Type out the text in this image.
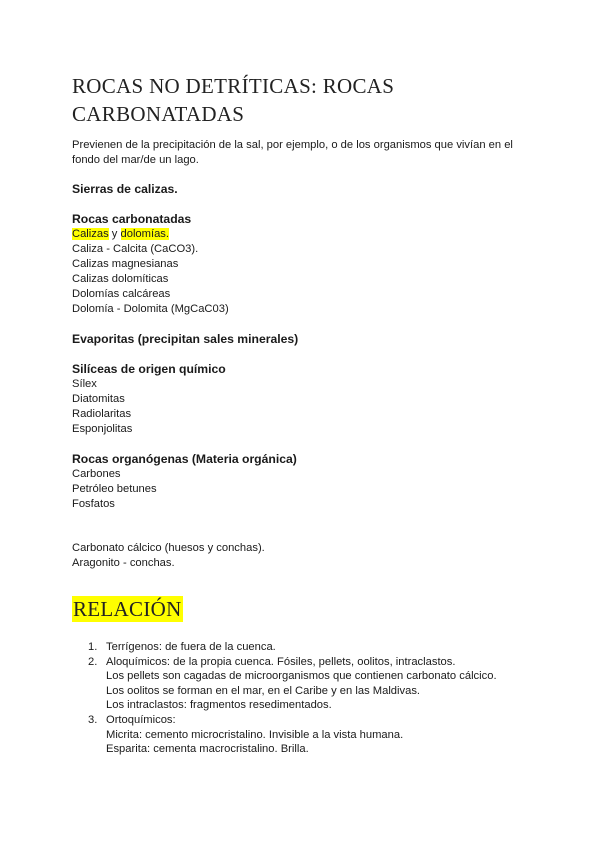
ROCAS NO DETRÍTICAS: ROCAS
CARBONATADAS
Previenen de la precipitación de la sal, por ejemplo, o de los organismos que vivían en el
fondo del mar/de un lago.
Sierras de calizas.
Rocas carbonatadas
Calizas y dolomías.
Caliza - Calcita (CaCO3).
Calizas magnesianas
Calizas dolomíticas
Dolomías calcáreas
Dolomía - Dolomita (MgCaC03)
Evaporitas (precipitan sales minerales)
Silíceas de origen químico
Sílex
Diatomitas
Radiolaritas
Esponjolitas
Rocas organógenas (Materia orgánica)
Carbones
Petróleo betunes
Fosfatos
Carbonato cálcico (huesos y conchas).
Aragonito - conchas.
RELACIÓN
1. Terrígenos: de fuera de la cuenca.
2. Aloquímicos: de la propia cuenca. Fósiles, pellets, oolitos, intraclastos.
Los pellets son cagadas de microorganismos que contienen carbonato cálcico.
Los oolitos se forman en el mar, en el Caribe y en las Maldivas.
Los intraclastos: fragmentos resedimentados.
3. Ortoquímicos:
Micrita: cemento microcristalino. Invisible a la vista humana.
Esparita: cementa macrocristalino. Brilla.
